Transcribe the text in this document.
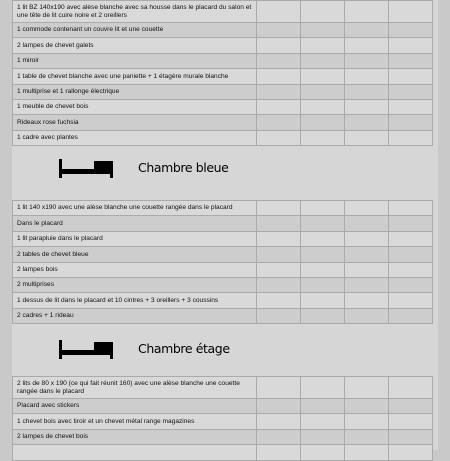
1 lit BZ 140x190 avec alèse blanche avec sa housse dans le placard du salon et une tête de lit cuire noire et 2 oreillers				
1 commode contenant un couvre lit et une couette				
2 lampes de chevet galets				
1 miroir				
1 table de chevet blanche avec une paniette + 1 étagère murale blanche				
1 multiprise et 1 rallonge électrique				
1 meuble de chevet bois				
Rideaux rose fuchsia				
1 cadre avec plantes				
Chambre bleue
1 lit 140 x190 avec une alèse blanche une couette rangée dans le placard				
Dans le placard				
1 lit parapluie dans le placard				
2 tables de chevet bleue				
2 lampes bois				
2 multiprises				
1 dessus de lit dans le placard et 10 cintres + 3 oreillers + 3 coussins				
2 cadres + 1 rideau				
Chambre étage
2 lits de 80 x 190 (ce qui fait réunit 160) avec une alèse blanche une couette rangée dans le placard				
Placard avec stickers				
1 chevet bois avec tiroir et un chevet métal range magazines				
2 lampes de chevet bois				
